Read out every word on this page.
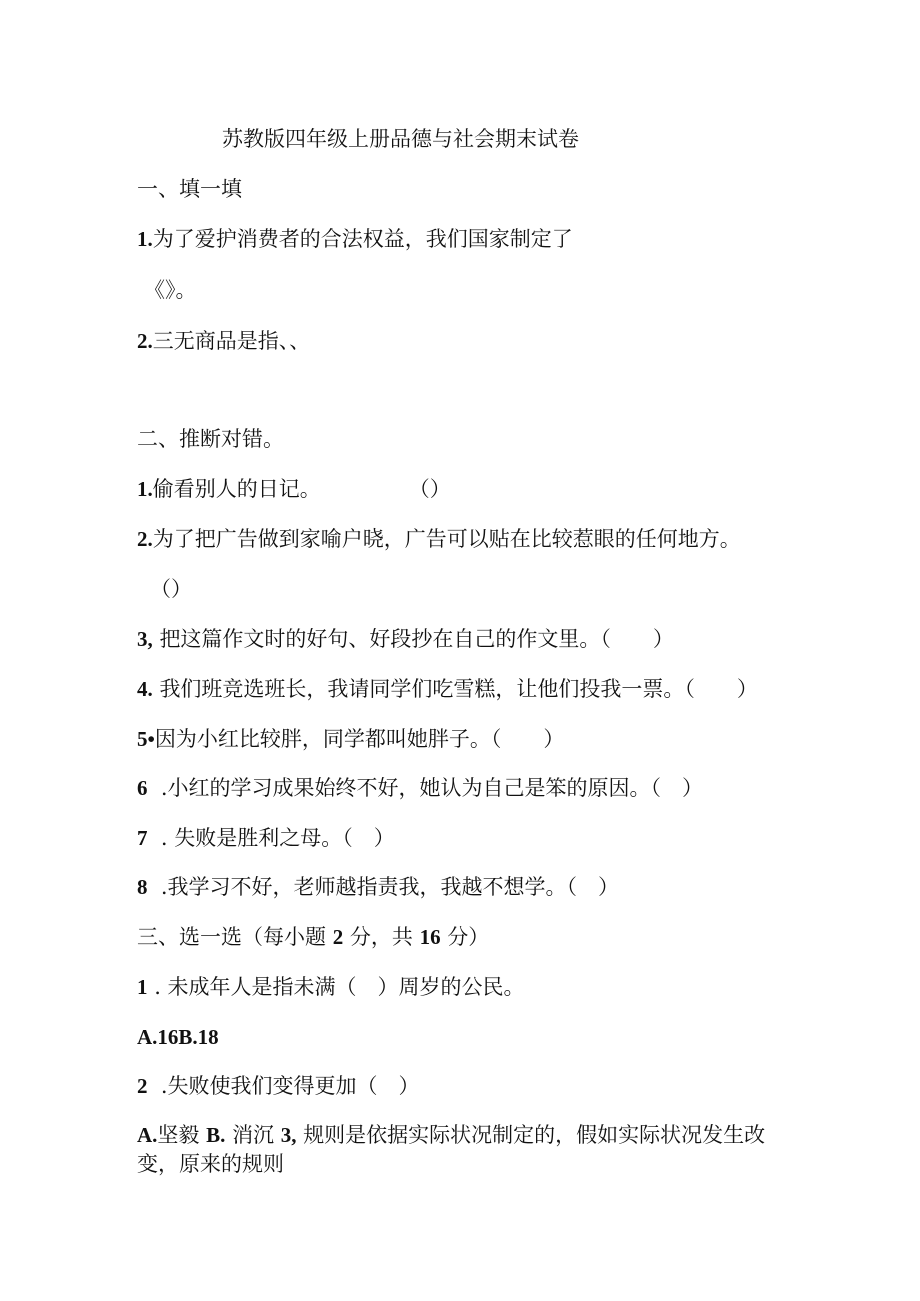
苏教版四年级上册品德与社会期末试卷
一、填一填
1.为了爱护消费者的合法权益，我们国家制定了
《》。
2.三无商品是指、、
二、推断对错。
1.偷看别人的日记。	（）
2.为了把广告做到家喻户晓，广告可以贴在比较惹眼的任何地方。
（）
3, 把这篇作文时的好句、好段抄在自己的作文里。（　　）
4. 我们班竞选班长，我请同学们吃雪糕，让他们投我一票。（　　）
5•因为小红比较胖，同学都叫她胖子。（　　）
6 .小红的学习成果始终不好，她认为自己是笨的原因。（　）
7 . 失败是胜利之母。（　）
8 .我学习不好，老师越指责我，我越不想学。（　）
三、选一选（每小题 2 分，共 16 分）
1 . 未成年人是指未满（　）周岁的公民。
A.16B.18
2 .失败使我们变得更加（　）
A.坚毅 B. 消沉 3, 规则是依据实际状况制定的，假如实际状况发生改变，原来的规则
